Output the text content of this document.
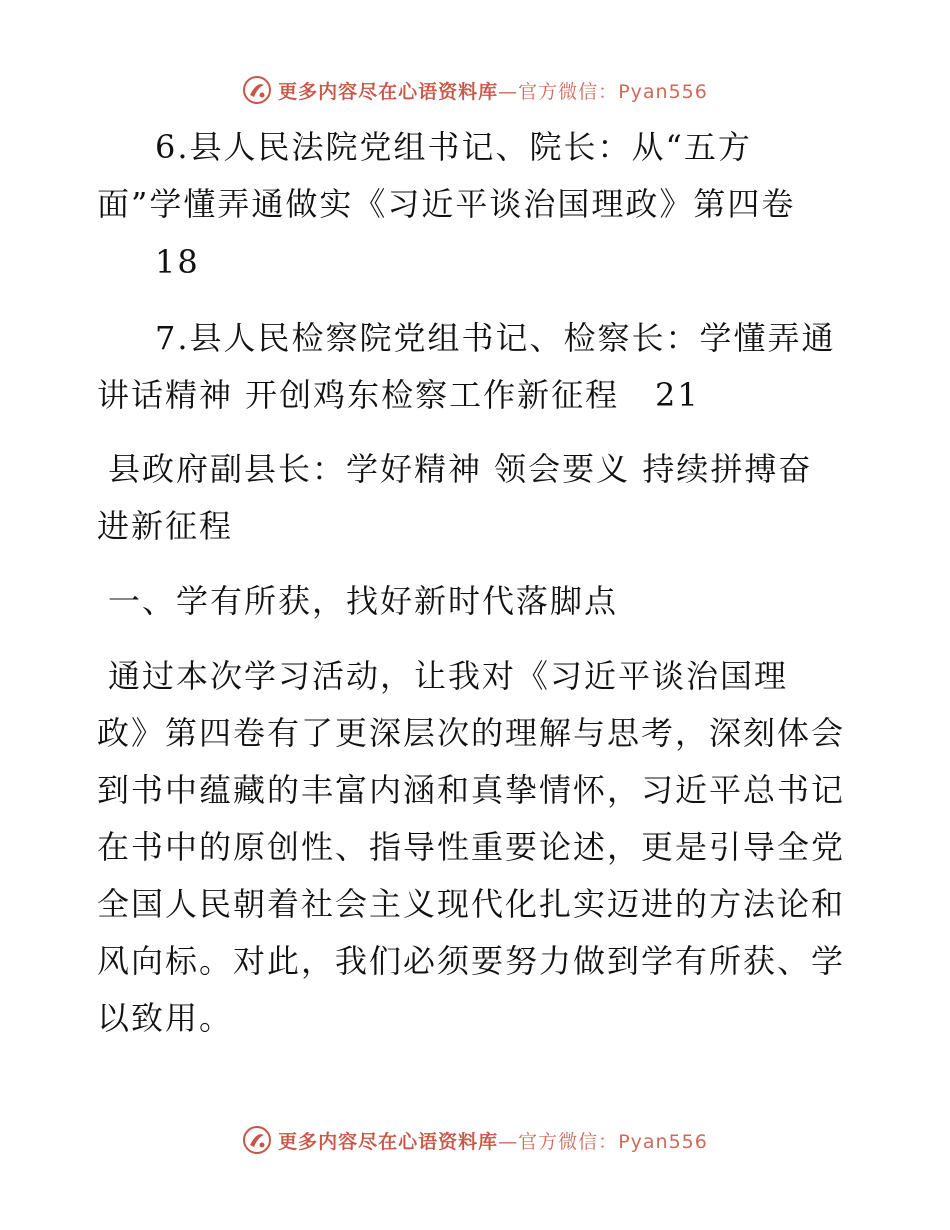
更多内容尽在心语资料库—官方微信：Pyan556
6.县人民法院党组书记、院长：从“五方
面”学懂弄通做实《习近平谈治国理政》第四卷
18
7.县人民检察院党组书记、检察长：学懂弄通
讲话精神 开创鸡东检察工作新征程 21
县政府副县长：学好精神 领会要义 持续拼搏奋
进新征程
一、学有所获，找好新时代落脚点
通过本次学习活动，让我对《习近平谈治国理
政》第四卷有了更深层次的理解与思考，深刻体会
到书中蕴藏的丰富内涵和真挚情怀，习近平总书记
在书中的原创性、指导性重要论述，更是引导全党
全国人民朝着社会主义现代化扎实迈进的方法论和
风向标。对此，我们必须要努力做到学有所获、学
以致用。
更多内容尽在心语资料库—官方微信：Pyan556
